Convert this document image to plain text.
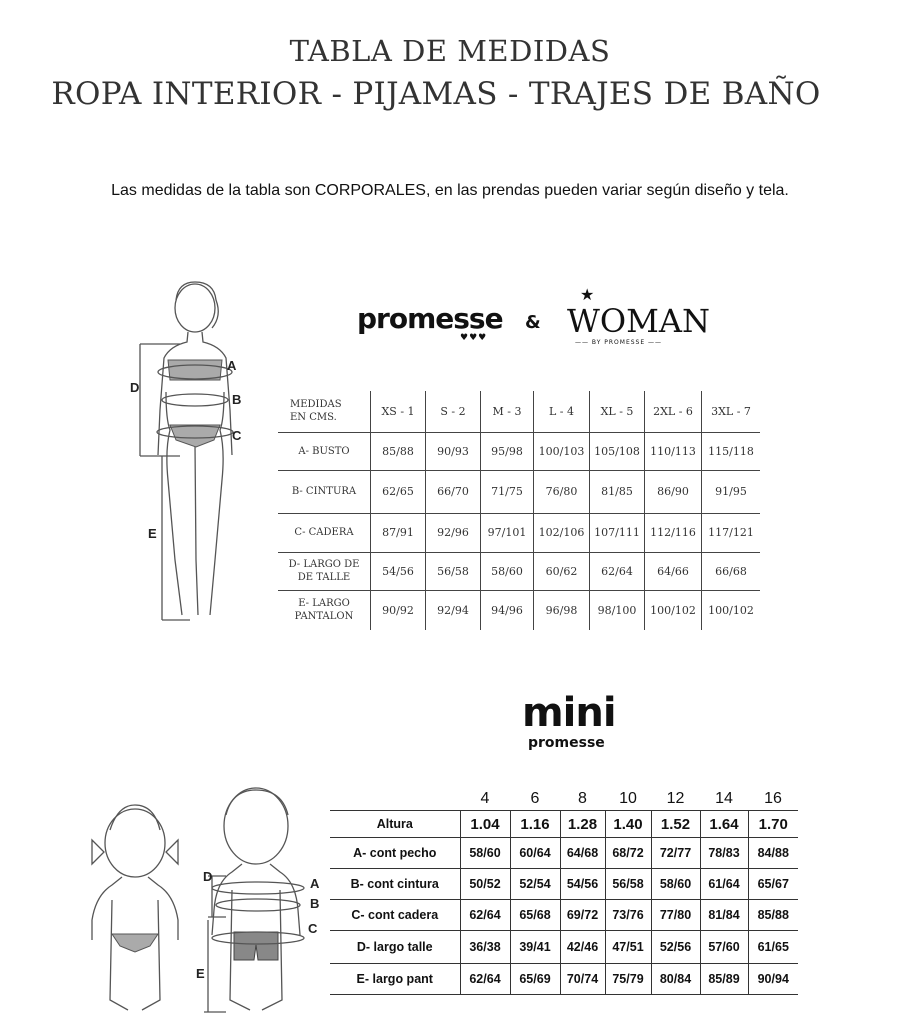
TABLA DE MEDIDAS
ROPA INTERIOR - PIJAMAS - TRAJES DE BAÑO
Las medidas de la tabla son CORPORALES, en las prendas pueden variar según diseño y tela.
promesse
♥♥♥
&
★
WOMAN
—— BY PROMESSE ——
mini
promesse
A
B
C
D
E
A
B
C
D
E
MEDIDAS
EN CMS.	XS - 1	S - 2	M - 3	L - 4	XL - 5	2XL - 6	3XL - 7
A- BUSTO	85/88	90/93	95/98	100/103	105/108	110/113	115/118
B- CINTURA	62/65	66/70	71/75	76/80	81/85	86/90	91/95
C- CADERA	87/91	92/96	97/101	102/106	107/111	112/116	117/121

D- LARGO DE
DE TALLE	54/56	56/58	58/60	60/62	62/64	64/66	66/68

E- LARGO
PANTALON	90/92	92/94	94/96	96/98	98/100	100/102	100/102
	4	6	8	10	12	14	16
Altura	1.04	1.16	1.28	1.40	1.52	1.64	1.70
A- cont pecho	58/60	60/64	64/68	68/72	72/77	78/83	84/88
B- cont cintura	50/52	52/54	54/56	56/58	58/60	61/64	65/67
C- cont cadera	62/64	65/68	69/72	73/76	77/80	81/84	85/88
D- largo talle	36/38	39/41	42/46	47/51	52/56	57/60	61/65
E- largo pant	62/64	65/69	70/74	75/79	80/84	85/89	90/94
